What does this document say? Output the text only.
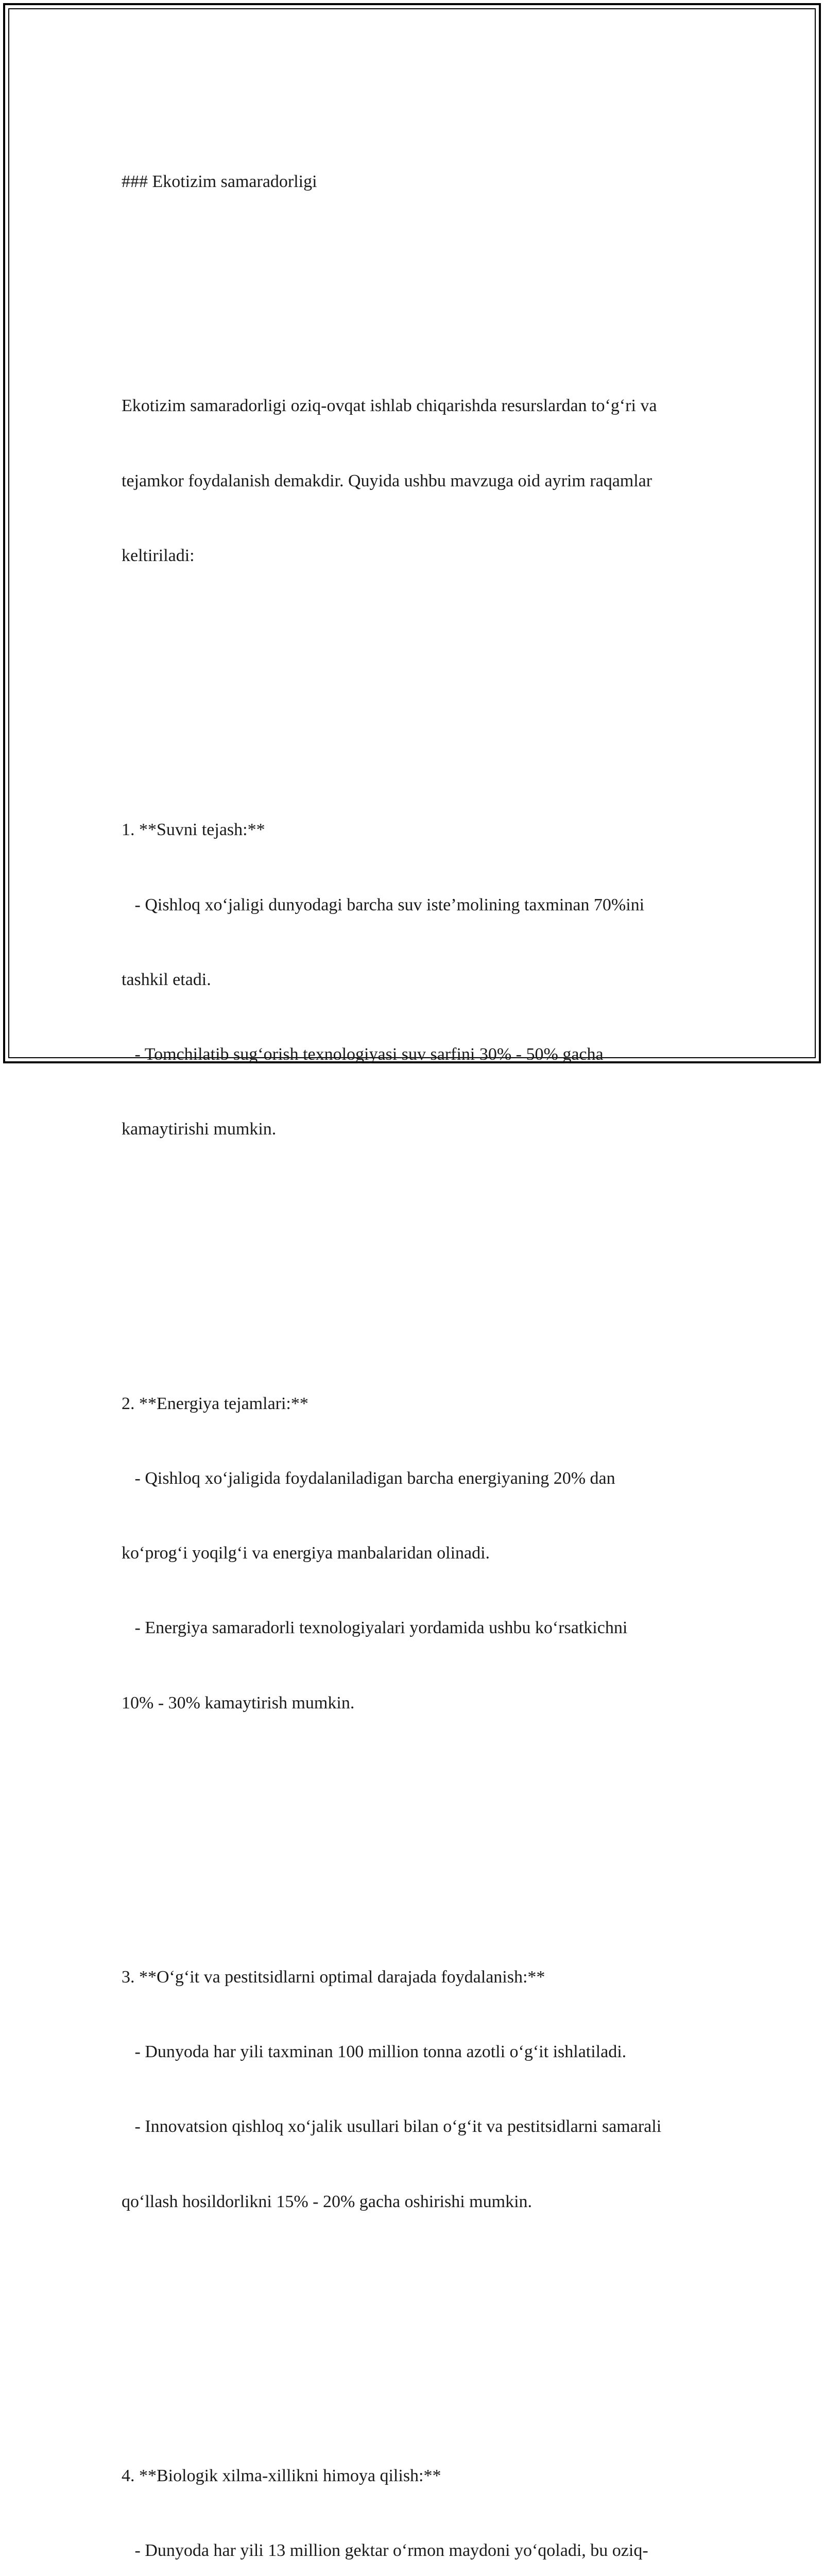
### Ekotizim samaradorligi

Ekotizim samaradorligi oziq-ovqat ishlab chiqarishda resurslardan to‘g‘ri va

tejamkor foydalanish demakdir. Quyida ushbu mavzuga oid ayrim raqamlar

keltiriladi:

1. **Suvni tejash:**

- Qishloq xo‘jaligi dunyodagi barcha suv iste’molining taxminan 70%ini

tashkil etadi.

- Tomchilatib sug‘orish texnologiyasi suv sarfini 30% - 50% gacha

kamaytirishi mumkin.

2. **Energiya tejamlari:**

- Qishloq xo‘jaligida foydalaniladigan barcha energiyaning 20% dan

ko‘prog‘i yoqilg‘i va energiya manbalaridan olinadi.

- Energiya samaradorli texnologiyalari yordamida ushbu ko‘rsatkichni

10% - 30% kamaytirish mumkin.

3. **O‘g‘it va pestitsidlarni optimal darajada foydalanish:**

- Dunyoda har yili taxminan 100 million tonna azotli o‘g‘it ishlatiladi.

- Innovatsion qishloq xo‘jalik usullari bilan o‘g‘it va pestitsidlarni samarali

qo‘llash hosildorlikni 15% - 20% gacha oshirishi mumkin.

4. **Biologik xilma-xillikni himoya qilish:**

- Dunyoda har yili 13 million gektar o‘rmon maydoni yo‘qoladi, bu oziq-
